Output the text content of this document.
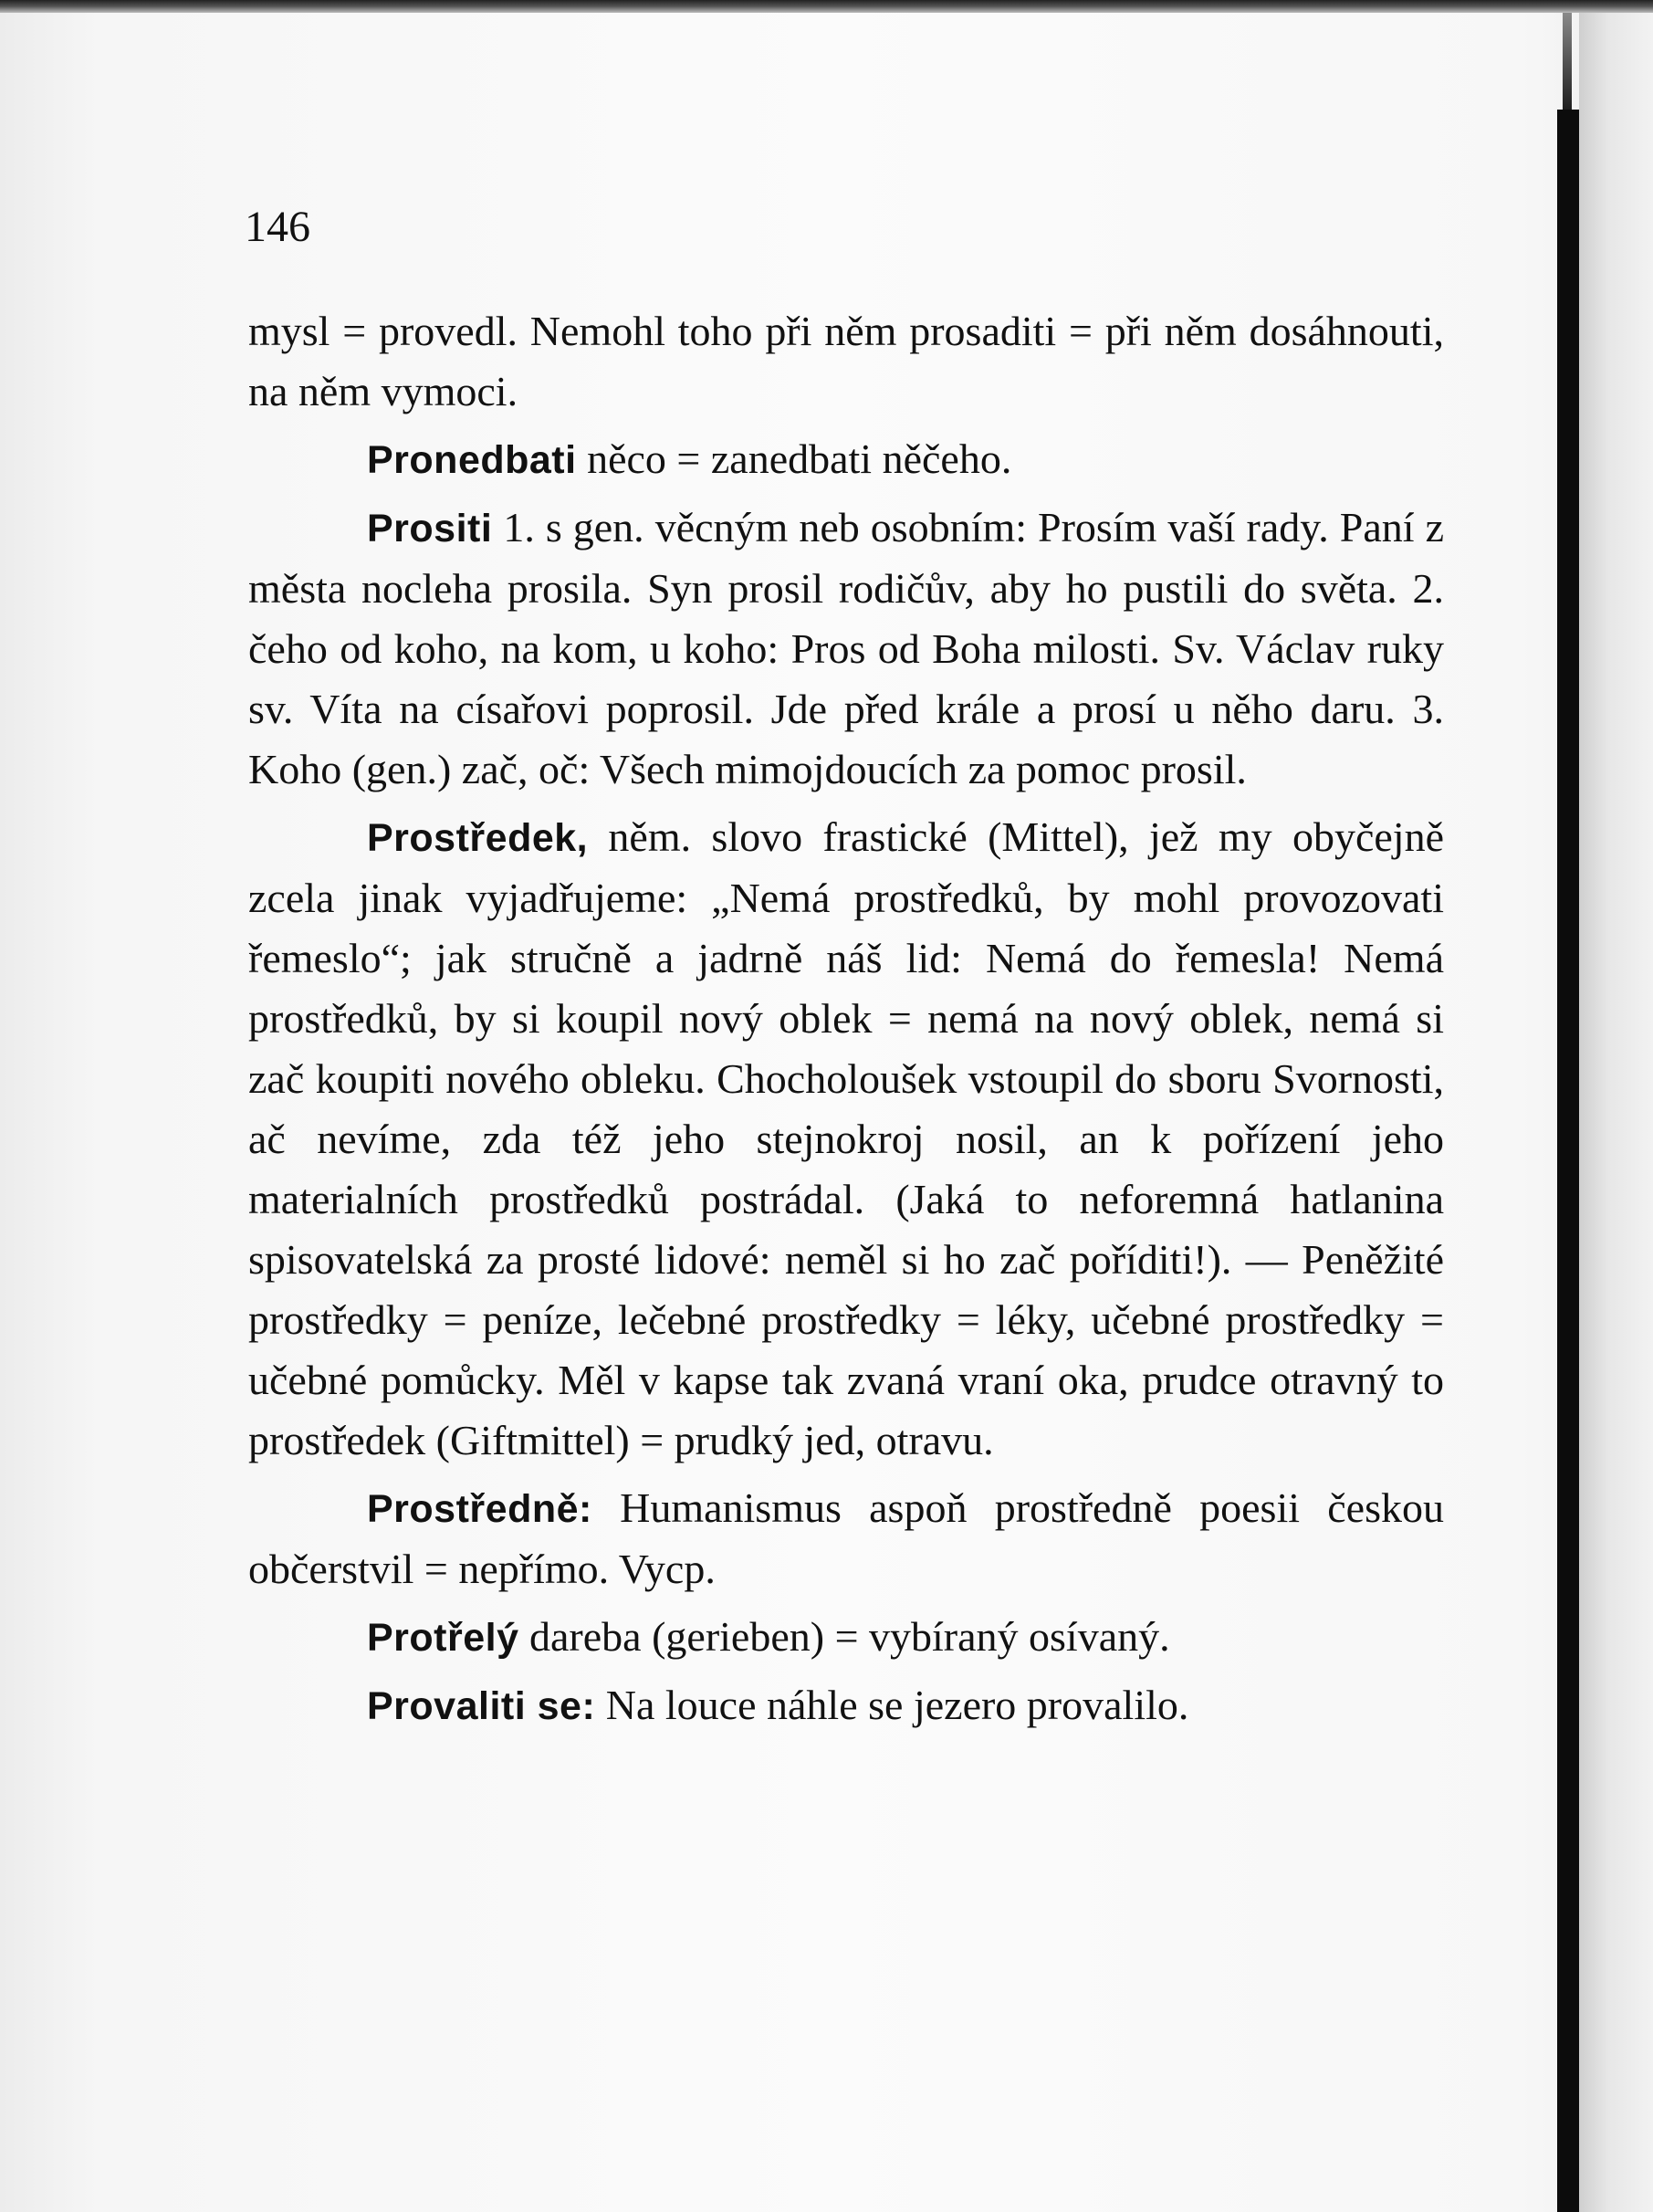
146

mysl = provedl. Nemohl toho při něm prosaditi = při něm dosáhnouti, na něm vymoci.

Pronedbati něco = zanedbati něčeho.

Prositi 1. s gen. věcným neb osobním: Prosím vaší rady. Paní z města nocleha prosila. Syn prosil rodičův, aby ho pustili do světa. 2. čeho od koho, na kom, u koho: Pros od Boha milosti. Sv. Václav ruky sv. Víta na císařovi poprosil. Jde před krále a prosí u něho daru. 3. Koho (gen.) zač, oč: Všech mimojdoucích za pomoc prosil.

Prostředek, něm. slovo frastické (Mittel), jež my obyčejně zcela jinak vyjadřujeme: „Nemá prostředků, by mohl provozovati řemeslo“; jak stručně a jadrně náš lid: Nemá do řemesla! Nemá prostředků, by si koupil nový oblek = nemá na nový oblek, nemá si zač koupiti nového obleku. Chocholoušek vstoupil do sboru Svornosti, ač nevíme, zda též jeho stejnokroj nosil, an k pořízení jeho materialních prostředků postrádal. (Jaká to neforemná hatlanina spisovatelská za prosté lidové: neměl si ho zač poříditi!). — Peněžité prostředky = peníze, lečebné prostředky = léky, učebné prostředky = učebné pomůcky. Měl v kapse tak zvaná vraní oka, prudce otravný to prostředek (Giftmittel) = prudký jed, otravu.

Prostředně: Humanismus aspoň prostředně poesii českou občerstvil = nepřímo. Vycp.

Protřelý dareba (gerieben) = vybíraný osívaný.

Provaliti se: Na louce náhle se jezero provalilo.
